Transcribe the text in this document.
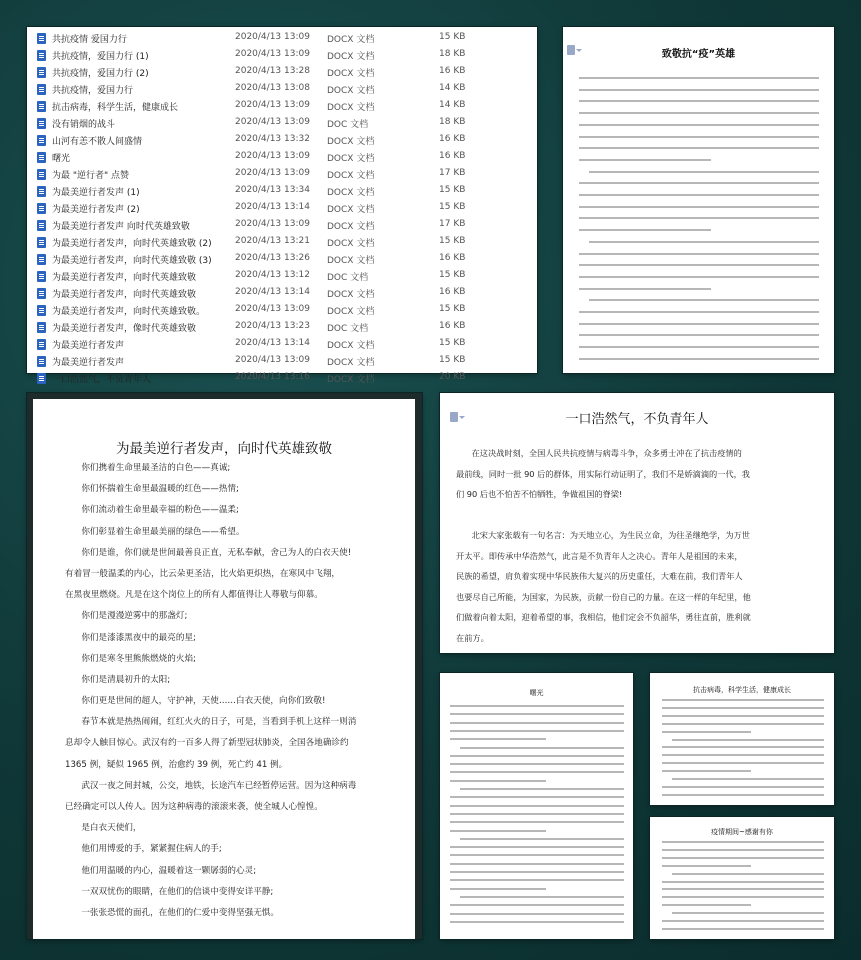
共抗疫情 爱国力行	2020/4/13 13:09 DOCX 文档	15 KB
共抗疫情，爱国力行 (1)	2020/4/13 13:09 DOCX 文档	18 KB
共抗疫情，爱国力行 (2)	2020/4/13 13:28 DOCX 文档	16 KB
共抗疫情，爱国力行	2020/4/13 13:08 DOCX 文档	14 KB
抗击病毒，科学生活，健康成长	2020/4/13 13:09 DOCX 文档	14 KB
没有销烟的战斗	2020/4/13 13:09 DOC 文档	18 KB
山河有恙不散人间盛情	2020/4/13 13:32 DOCX 文档	16 KB
曙光	2020/4/13 13:09 DOCX 文档	16 KB
为最 "逆行者" 点赞	2020/4/13 13:09 DOCX 文档	17 KB
为最美逆行者发声 (1)	2020/4/13 13:34 DOCX 文档	15 KB
为最美逆行者发声 (2)	2020/4/13 13:14 DOCX 文档	15 KB
为最美逆行者发声 向时代英雄致敬	2020/4/13 13:09 DOCX 文档	17 KB
为最美逆行者发声，向时代英雄致敬 (2)	2020/4/13 13:21 DOCX 文档	15 KB
为最美逆行者发声，向时代英雄致敬 (3)	2020/4/13 13:26 DOCX 文档	16 KB
为最美逆行者发声，向时代英雄致敬	2020/4/13 13:12 DOC 文档	15 KB
为最美逆行者发声，向时代英雄致敬	2020/4/13 13:14 DOCX 文档	16 KB
为最美逆行者发声，向时代英雄致敬。	2020/4/13 13:09 DOCX 文档	15 KB
为最美逆行者发声，像时代英雄致敬	2020/4/13 13:23 DOC 文档	16 KB
为最美逆行者发声	2020/4/13 13:14 DOCX 文档	15 KB
为最美逆行者发声	2020/4/13 13:09 DOCX 文档	15 KB
一口浩然气，不负青年人	2020/4/13 13:16 DOCX 文档	20 KB
致敬抗“疫”英雄
为最美逆行者发声，向时代英雄致敬
你们携着生命里最圣洁的白色——真诚;
你们怀揣着生命里最温暖的红色——热情;
你们流动着生命里最幸福的粉色——温柔;
你们彰显着生命里最美丽的绿色——希望。
你们是谁，你们就是世间最善良正直，无私奉献，舍己为人的白衣天使!
有着冒一般温柔的内心，比云朵更圣洁，比火焰更炽热，在寒风中飞翔，
在黑夜里燃烧。凡是在这个岗位上的所有人都值得让人尊敬与仰慕。
你们是漫漫逆雾中的那盏灯;
你们是漆漆黑夜中的最亮的星;
你们是寒冬里熊熊燃烧的火焰;
你们是清晨初升的太阳;
你们更是世间的超人，守护神，天使……白衣天使，向你们致敬!
春节本就是热热闹闹，红红火火的日子，可是，当看到手机上这样一则消
息却令人触目惊心。武汉有约一百多人得了新型冠状肺炎，全国各地确诊约
1365 例，疑似 1965 例，治愈约 39 例，死亡约 41 例。
武汉一夜之间封城，公交，地铁，长途汽车已经暂停运营。因为这种病毒
已经确定可以人传人。因为这种病毒的滚滚来袭，使全城人心惶惶。
是白衣天使们，
他们用博爱的手，紧紧握住病人的手;
他们用温暖的内心，温暖着这一颗孱弱的心灵;
一双双忧伤的眼睛，在他们的信谈中变得安详平静;
一张张恐慌的面孔，在他们的仁爱中变得坚强无惧。
一口浩然气，不负青年人
在这决战时刻，全国人民共抗疫情与病毒斗争，众多勇士冲在了抗击疫情的
最前线，同时一批 90 后的群体，用实际行动证明了，我们不是娇滴滴的一代，我
们 90 后也不怕苦不怕牺牲，争做祖国的脊梁!
北宋大家张载有一句名言：为天地立心，为生民立命，为往圣继绝学，为万世
开太平。即传承中华浩然气，此言是不负青年人之决心。青年人是祖国的未来，
民族的希望，肩负着实现中华民族伟大复兴的历史重任，大难在前，我们青年人
也要尽自己所能，为国家，为民族，贡献一份自己的力量。在这一样的年纪里，他
们做着向着太阳，迎着希望的事，我相信，他们定会不负韶华，勇往直前，胜利就
在前方。
曙光	抗击病毒，科学生活，健康成长
疫情期间~感谢有你
